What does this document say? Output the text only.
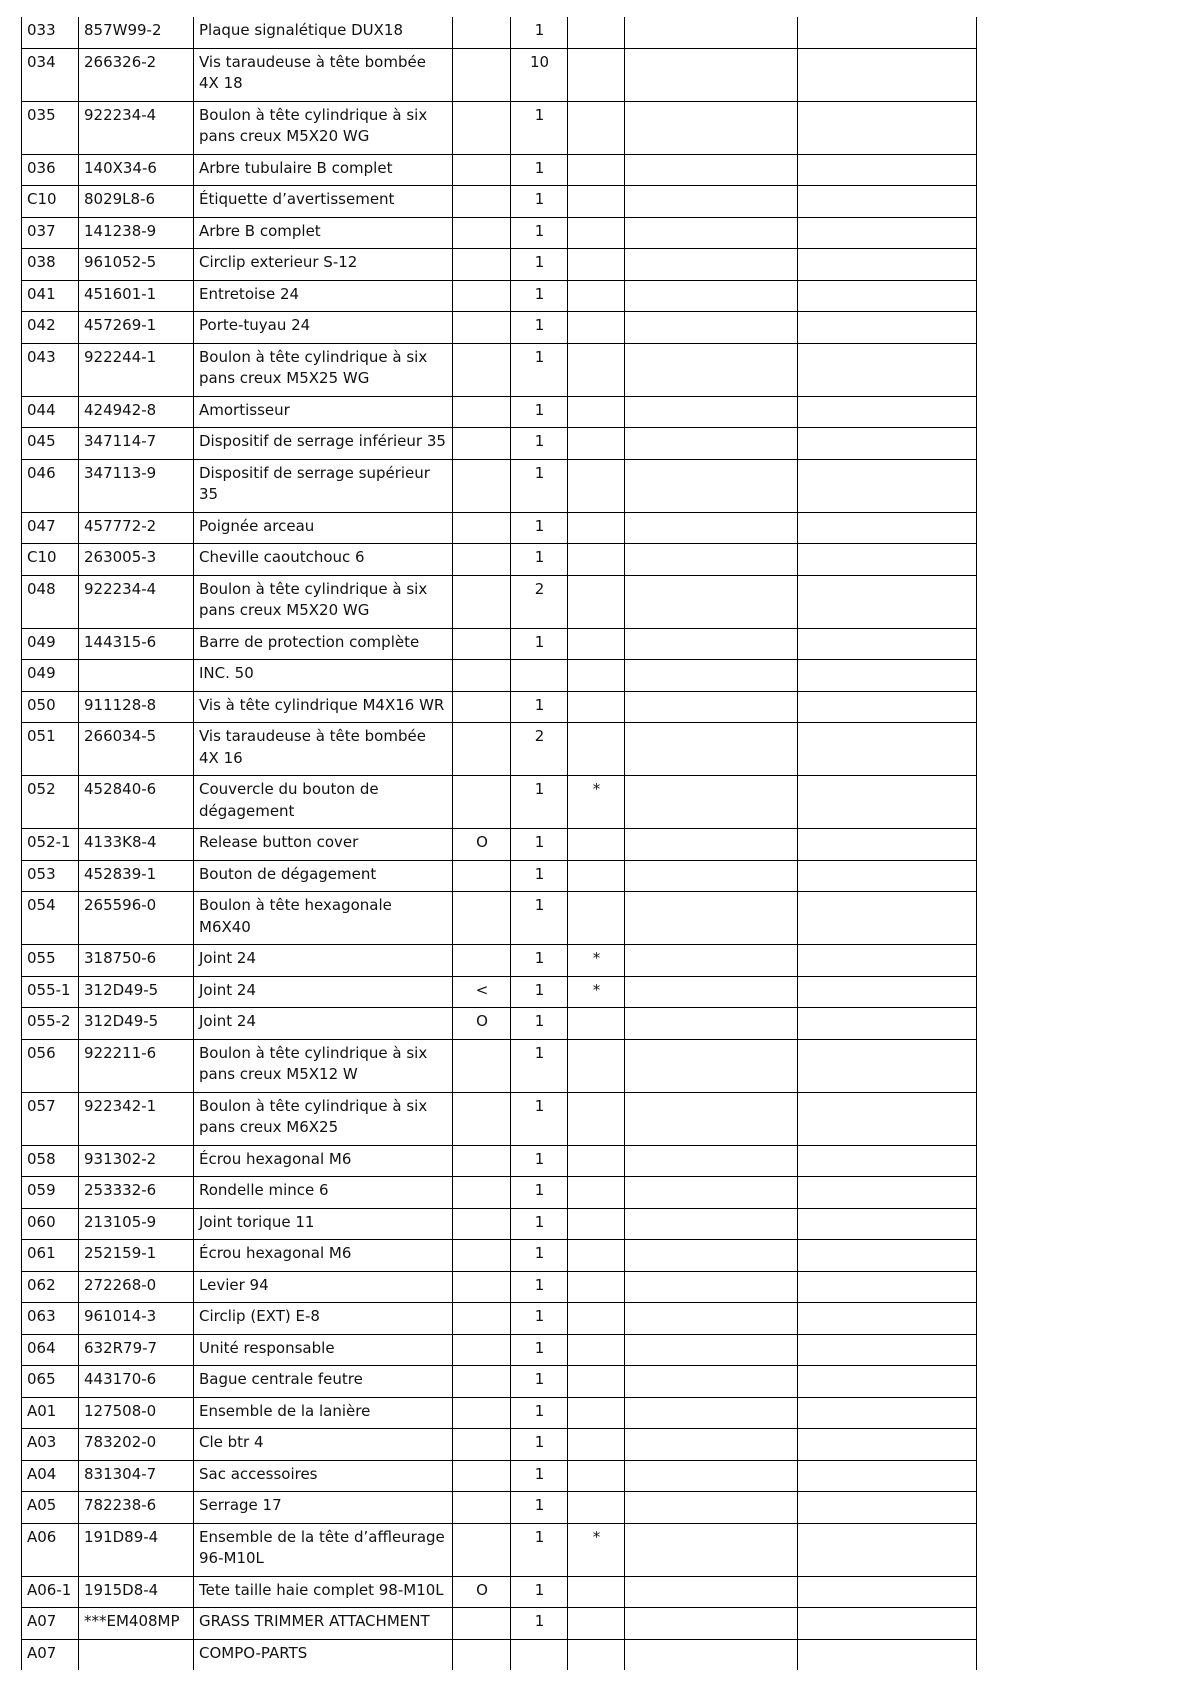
033	857W99-2	Plaque signalétique DUX18		1			
034	266326-2	Vis taraudeuse à tête bombée 4X 18		10			
035	922234-4	Boulon à tête cylindrique à six pans creux M5X20 WG		1			
036	140X34-6	Arbre tubulaire B complet		1			
C10	8029L8-6	Étiquette d’avertissement		1			
037	141238-9	Arbre B complet		1			
038	961052-5	Circlip exterieur S-12		1			
041	451601-1	Entretoise 24		1			
042	457269-1	Porte-tuyau 24		1			
043	922244-1	Boulon à tête cylindrique à six pans creux M5X25 WG		1			
044	424942-8	Amortisseur		1			
045	347114-7	Dispositif de serrage inférieur 35		1			
046	347113-9	Dispositif de serrage supérieur 35		1			
047	457772-2	Poignée arceau		1			
C10	263005-3	Cheville caoutchouc 6		1			
048	922234-4	Boulon à tête cylindrique à six pans creux M5X20 WG		2			
049	144315-6	Barre de protection complète		1			
049		INC. 50					
050	911128-8	Vis à tête cylindrique M4X16 WR		1			
051	266034-5	Vis taraudeuse à tête bombée 4X 16		2			
052	452840-6	Couvercle du bouton de dégagement		1	*		
052-1	4133K8-4	Release button cover	O	1			
053	452839-1	Bouton de dégagement		1			
054	265596-0	Boulon à tête hexagonale M6X40		1			
055	318750-6	Joint 24		1	*		
055-1	312D49-5	Joint 24	<	1	*		
055-2	312D49-5	Joint 24	O	1			
056	922211-6	Boulon à tête cylindrique à six pans creux M5X12 W		1			
057	922342-1	Boulon à tête cylindrique à six pans creux M6X25		1			
058	931302-2	Écrou hexagonal M6		1			
059	253332-6	Rondelle mince 6		1			
060	213105-9	Joint torique 11		1			
061	252159-1	Écrou hexagonal M6		1			
062	272268-0	Levier 94		1			
063	961014-3	Circlip (EXT) E-8		1			
064	632R79-7	Unité responsable		1			
065	443170-6	Bague centrale feutre		1			
A01	127508-0	Ensemble de la lanière		1			
A03	783202-0	Cle btr 4		1			
A04	831304-7	Sac accessoires		1			
A05	782238-6	Serrage 17		1			
A06	191D89-4	Ensemble de la tête d’affleurage 96-M10L		1	*		
A06-1	1915D8-4	Tete taille haie complet 98-M10L	O	1			
A07	***EM408MP	GRASS TRIMMER ATTACHMENT		1			
A07		COMPO-PARTS					
